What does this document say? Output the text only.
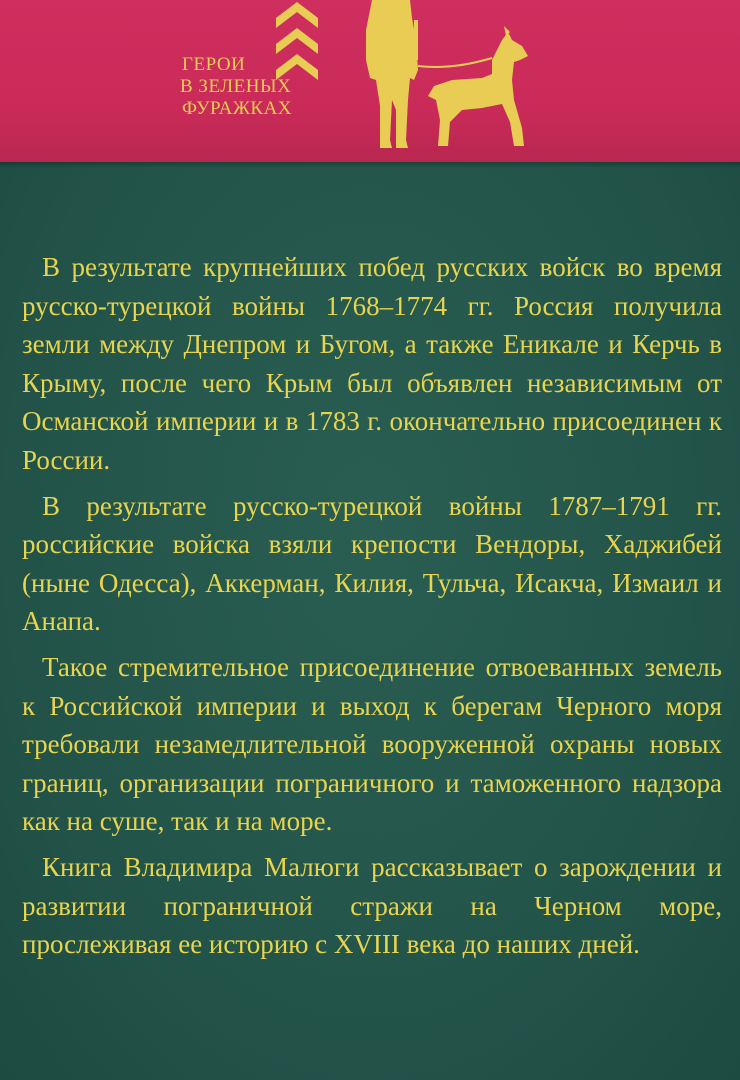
ГЕРОИ
В ЗЕЛЕНЫХ
ФУРАЖКАХ

В результате крупнейших побед русских войск во время русско-турецкой войны 1768–1774 гг. Россия получила земли между Днепром и Бугом, а также Еникале и Керчь в Крыму, после чего Крым был объявлен независимым от Османской империи и в 1783 г. окончательно присоединен к России.

В результате русско-турецкой войны 1787–1791 гг. российские войска взяли крепости Вендоры, Хаджибей (ныне Одесса), Аккерман, Килия, Тульча, Исакча, Измаил и Анапа.

Такое стремительное присоединение отвоеванных земель к Российской империи и выход к берегам Черного моря требовали незамедлительной вооруженной охраны новых границ, организации пограничного и таможенного надзора как на суше, так и на море.

Книга Владимира Малюги рассказывает о зарождении и развитии пограничной стражи на Черном море, прослеживая ее историю с XVIII века до наших дней.
